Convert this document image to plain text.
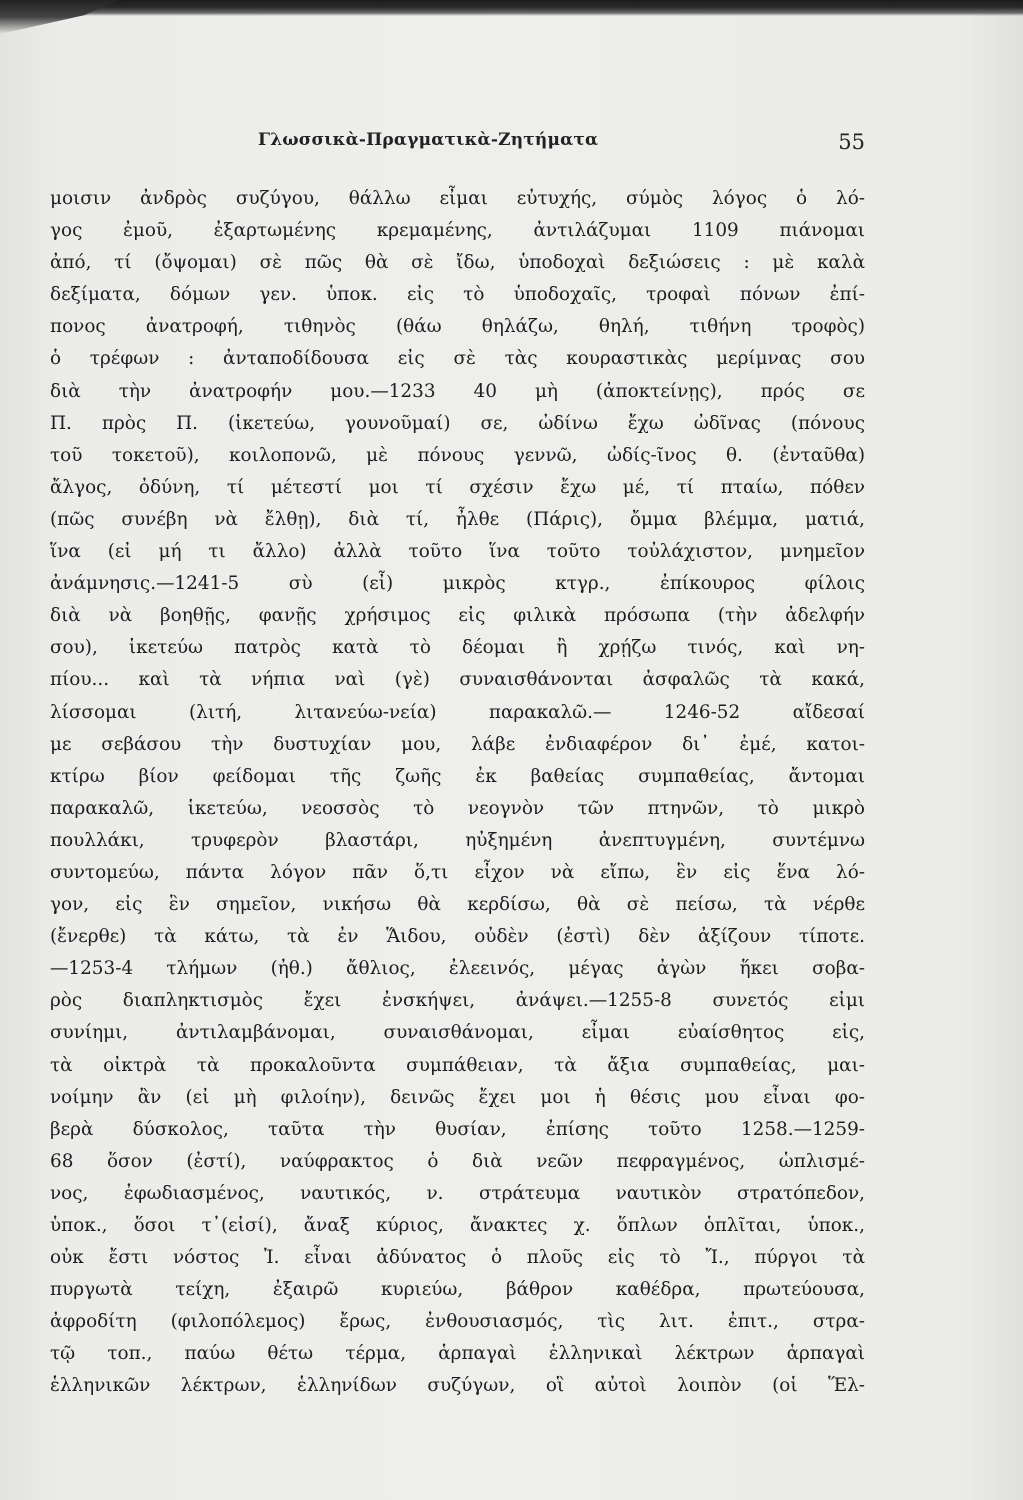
Γλωσσικὰ-Πραγματικὰ-Ζητήματα	55
μοισιν ἀνδρὸς συζύγου, θάλλω εἶμαι εὐτυχής, σύμὸς λόγος ὁ λό-
γος ἐμοῦ, ἐξαρτωμένης κρεμαμένης, ἀντιλάζυμαι 1109 πιάνομαι
ἀπό, τί (ὄψομαι) σὲ πῶς θὰ σὲ ἴδω, ὑποδοχαὶ δεξιώσεις : μὲ καλὰ
δεξίματα, δόμων γεν. ὑποκ. εἰς τὸ ὑποδοχαῖς, τροφαὶ πόνων ἐπί-
πονος ἀνατροφή, τιθηνὸς (θάω θηλάζω, θηλή, τιθήνη τροφὸς)
ὁ τρέφων : ἀνταποδίδουσα εἰς σὲ τὰς κουραστικὰς μερίμνας σου
διὰ τὴν ἀνατροφήν μου.—1233 40 μὴ (ἀποκτείνῃς), πρός σε
Π. πρὸς Π. (ἱκετεύω, γουνοῦμαί) σε, ὠδίνω ἔχω ὠδῖνας (πόνους
τοῦ τοκετοῦ), κοιλοπονῶ, μὲ πόνους γεννῶ, ὠδίς-ῖνος θ. (ἐνταῦθα)
ἄλγος, ὀδύνη, τί μέτεστί μοι τί σχέσιν ἔχω μέ, τί πταίω, πόθεν
(πῶς συνέβη νὰ ἔλθῃ), διὰ τί, ἦλθε (Πάρις), ὄμμα βλέμμα, ματιά,
ἵνα (εἰ μή τι ἄλλο) ἀλλὰ τοῦτο ἵνα τοῦτο τοὐλάχιστον, μνημεῖον
ἀνάμνησις.—1241-5 σὺ (εἶ) μικρὸς κτγρ., ἐπίκουρος φίλοις
διὰ νὰ βοηθῇς, φανῇς χρήσιμος εἰς φιλικὰ πρόσωπα (τὴν ἀδελφήν
σου), ἱκετεύω πατρὸς κατὰ τὸ δέομαι ἢ χρῄζω τινός, καὶ νη-
πίου... καὶ τὰ νήπια ναὶ (γὲ) συναισθάνονται ἀσφαλῶς τὰ κακά,
λίσσομαι (λιτή, λιτανεύω-νεία) παρακαλῶ.— 1246-52 αἴδεσαί
με σεβάσου τὴν δυστυχίαν μου, λάβε ἐνδιαφέρον δι᾽ ἐμέ, κατοι-
κτίρω βίον φείδομαι τῆς ζωῆς ἐκ βαθείας συμπαθείας, ἄντομαι
παρακαλῶ, ἱκετεύω, νεοσσὸς τὸ νεογνὸν τῶν πτηνῶν, τὸ μικρὸ
πουλλάκι, τρυφερὸν βλαστάρι, ηὐξημένη ἀνεπτυγμένη, συντέμνω
συντομεύω, πάντα λόγον πᾶν ὅ,τι εἶχον νὰ εἴπω, ἓν εἰς ἕνα λό-
γον, εἰς ἓν σημεῖον, νικήσω θὰ κερδίσω, θὰ σὲ πείσω, τὰ νέρθε
(ἔνερθε) τὰ κάτω, τὰ ἐν Ἅιδου, οὐδὲν (ἐστὶ) δὲν ἀξίζουν τίποτε.
—1253-4 τλήμων (ἠθ.) ἄθλιος, ἐλεεινός, μέγας ἀγὼν ἥκει σοβα-
ρὸς διαπληκτισμὸς ἔχει ἐνσκήψει, ἀνάψει.—1255-8 συνετός εἰμι
συνίημι, ἀντιλαμβάνομαι, συναισθάνομαι, εἶμαι εὐαίσθητος εἰς,
τὰ οἰκτρὰ τὰ προκαλοῦντα συμπάθειαν, τὰ ἄξια συμπαθείας, μαι-
νοίμην ἂν (εἰ μὴ φιλοίην), δεινῶς ἔχει μοι ἡ θέσις μου εἶναι φο-
βερὰ δύσκολος, ταῦτα τὴν θυσίαν, ἐπίσης τοῦτο 1258.—1259-
68 ὅσον (ἐστί), ναύφρακτος ὁ διὰ νεῶν πεφραγμένος, ὡπλισμέ-
νος, ἐφωδιασμένος, ναυτικός, ν. στράτευμα ναυτικὸν στρατόπεδον,
ὑποκ., ὅσοι τ᾽(εἰσί), ἄναξ κύριος, ἄνακτες χ. ὅπλων ὁπλῖται, ὑποκ.,
οὐκ ἔστι νόστος Ἰ. εἶναι ἀδύνατος ὁ πλοῦς εἰς τὸ Ἴ., πύργοι τὰ
πυργωτὰ τείχη, ἐξαιρῶ κυριεύω, βάθρον καθέδρα, πρωτεύουσα,
ἀφροδίτη (φιλοπόλεμος) ἔρως, ἐνθουσιασμός, τὶς λιτ. ἐπιτ., στρα-
τῷ τοπ., παύω θέτω τέρμα, ἁρπαγαὶ ἑλληνικαὶ λέκτρων ἁρπαγαὶ
ἑλληνικῶν λέκτρων, ἑλληνίδων συζύγων, οἳ αὐτοὶ λοιπὸν (οἱ Ἕλ-
